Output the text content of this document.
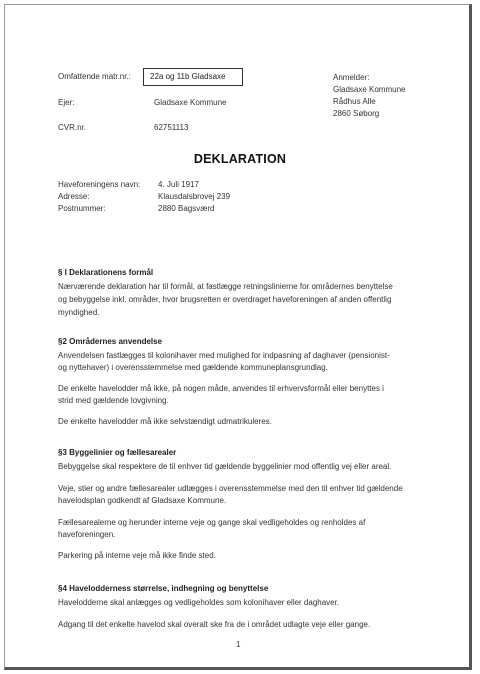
Omfattende matr.nr.:	22a og 11b Gladsaxe
Ejer:	Gladsaxe Kommune
CVR.nr.	62751113
Anmelder:
Gladsaxe Kommune
Rådhus Alle
2860 Søborg
DEKLARATION
Haveforeningens navn: 4. Juli 1917
Adresse:	Klausdalsbrovej 239
Postnummer:	2880 Bagsværd
§ I Deklarationens formål
Nærværende deklaration har til formål, at fastlægge retningslinierne for områdernes benyttelse
og bebyggelse inkl. områder, hvor brugsretten er overdraget haveforeningen af anden offentlig
myndighed.
§2 Områdernes anvendelse
Anvendelsen fastlægges til kolonihaver med mulighed for indpasning af daghaver (pensionist-
og nyttehaver) i overensstemmelse med gældende kommuneplansgrundlag.
De enkelte havelodder må ikke, på nogen måde, anvendes til erhvervsformål eller benyttes i
strid med gældende lovgivning.
De enkelte havelodder må ikke selvstændigt udmatrikuleres.
§3 Byggelinier og fællesarealer
Bebyggelse skal respektere de til enhver tid gældende byggelinier mod offentlig vej eller areal.
Veje, stier og andre fællesarealer udlægges i overensstemmelse med den til enhver tid gældende
havelodsplan godkendt af Gladsaxe Kommune.
Fællesarealerne og herunder interne veje og gange skal vedligeholdes og renholdes af
haveforeningen.
Parkering på interne veje må ikke finde sted.
§4 Havelodderness størrelse, indhegning og benyttelse
Havelodderne skal anlægges og vedligeholdes som kolonihaver eller daghaver.
Adgang til det enkelte havelod skal overalt ske fra de i området udlagte veje eller gange.
1
